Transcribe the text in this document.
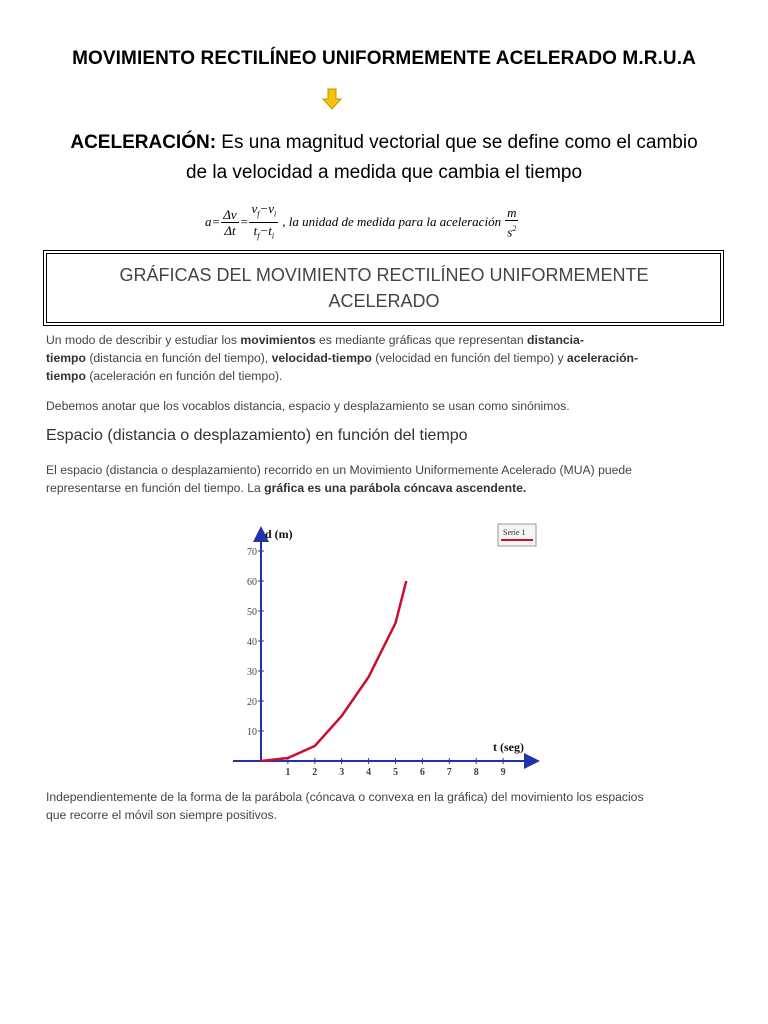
MOVIMIENTO RECTILÍNEO UNIFORMEMENTE ACELERADO M.R.U.A
ACELERACIÓN: Es una magnitud vectorial que se define como el cambio
de la velocidad a medida que cambia el tiempo
$a= \frac{\Delta v}{\Delta t} = \frac{v_f-v_i}{t_f-t_i}$ , la unidad de medida para la aceleración $\frac{m}{s^2}$
GRÁFICAS DEL MOVIMIENTO RECTILÍNEO UNIFORMEMENTE
ACELERADO
Un modo de describir y estudiar los movimientos es mediante gráficas que representan distancia-
tiempo (distancia en función del tiempo), velocidad-tiempo (velocidad en función del tiempo) y aceleración-
tiempo (aceleración en función del tiempo).
Debemos anotar que los vocablos distancia, espacio y desplazamiento se usan como sinónimos.
Espacio (distancia o desplazamiento) en función del tiempo
El espacio (distancia o desplazamiento) recorrido en un Movimiento Uniformemente Acelerado (MUA) puede
representarse en función del tiempo. La gráfica es una parábola cóncava ascendente.
10
20
30
40
50
60
70
1 2 3 4 5 6 7 8 9
d (m)
t (seg)
Serie 1
Independientemente de la forma de la parábola (cóncava o convexa en la gráfica) del movimiento los espacios
que recorre el móvil son siempre positivos.
